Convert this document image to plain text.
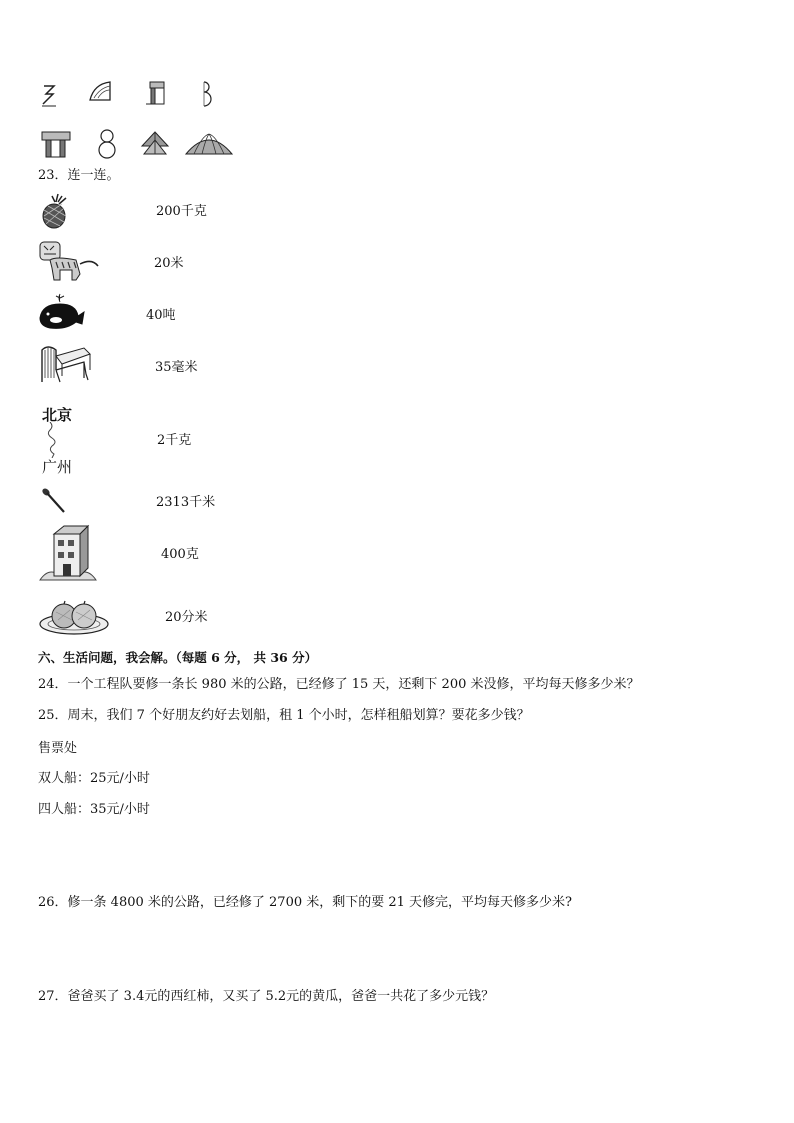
23．连一连。
200千克
20米
40吨
35毫米
北京
广州
2千克
2313千米
400克
20分米
六、生活问题，我会解。（每题 6 分， 共 36 分）
24．一个工程队要修一条长 980 米的公路，已经修了 15 天，还剩下 200 米没修，平均每天修多少米？
25．周末，我们 7 个好朋友约好去划船，租 1 个小时，怎样租船划算？要花多少钱？
售票处
双人船：25元/小时
四人船：35元/小时
26．修一条 4800 米的公路，已经修了 2700 米，剩下的要 21 天修完，平均每天修多少米?
27．爸爸买了 3.4元的西红柿，又买了 5.2元的黄瓜，爸爸一共花了多少元钱？
